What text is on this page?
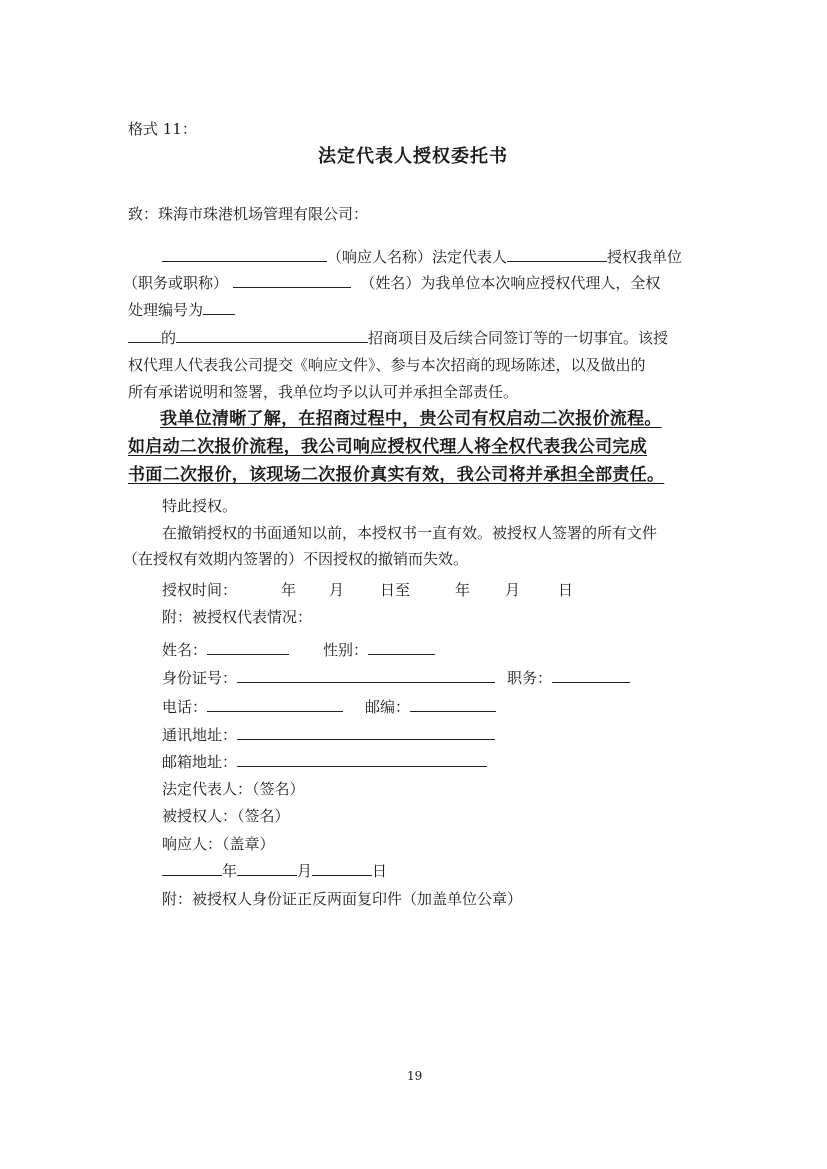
格式 11：
法定代表人授权委托书
致：珠海市珠港机场管理有限公司：
（响应人名称）法定代表人	授权我单位
（职务或职称）	（姓名）为我单位本次响应授权代理人，全权
处理编号为
的	招商项目及后续合同签订等的一切事宜。该授
权代理人代表我公司提交《响应文件》、参与本次招商的现场陈述，以及做出的
所有承诺说明和签署，我单位均予以认可并承担全部责任。
我单位清晰了解，在招商过程中，贵公司有权启动二次报价流程。
如启动二次报价流程，我公司响应授权代理人将全权代表我公司完成
书面二次报价，该现场二次报价真实有效，我公司将并承担全部责任。
特此授权。
在撤销授权的书面通知以前，本授权书一直有效。被授权人签署的所有文件
（在授权有效期内签署的）不因授权的撤销而失效。
授权时间：	年 月 日至	年 月	日
附：被授权代表情况：
姓名：	性别：
身份证号：	职务：
电话：	邮编：
通讯地址：
邮箱地址：
法定代表人：（签名）
被授权人：（签名）
响应人：（盖章）
年	月	日
附：被授权人身份证正反两面复印件（加盖单位公章）
19
